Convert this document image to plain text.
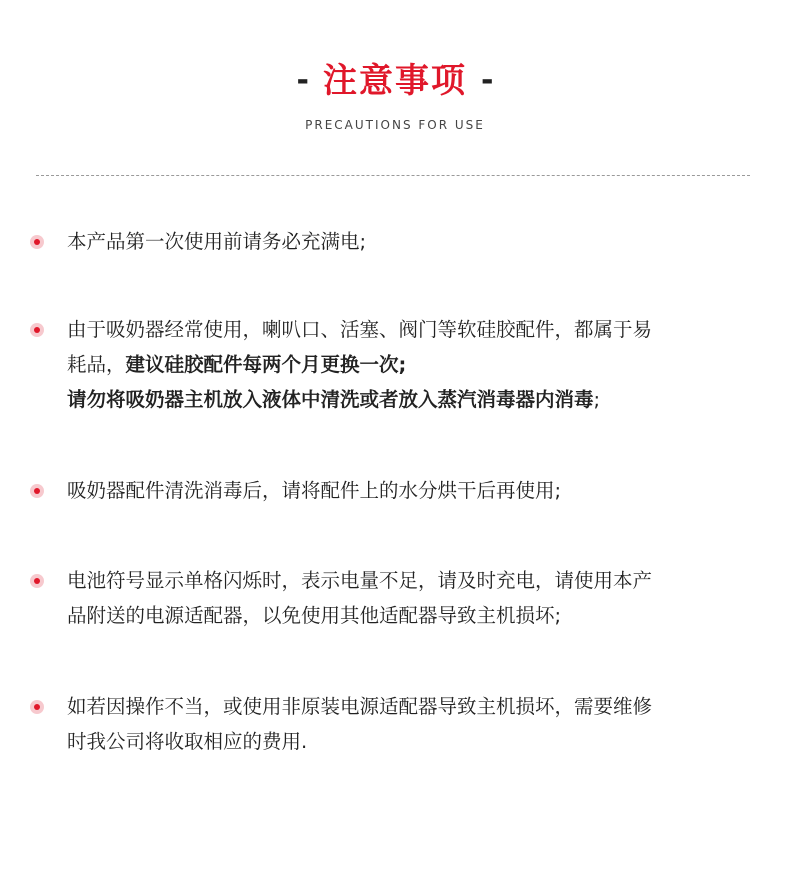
- 注意事项 -
PRECAUTIONS FOR USE
本产品第一次使用前请务必充满电;
由于吸奶器经常使用，喇叭口、活塞、阀门等软硅胶配件，都属于易
耗品，建议硅胶配件每两个月更换一次;
请勿将吸奶器主机放入液体中清洗或者放入蒸汽消毒器内消毒;
吸奶器配件清洗消毒后，请将配件上的水分烘干后再使用;
电池符号显示单格闪烁时，表示电量不足，请及时充电，请使用本产
品附送的电源适配器，以免使用其他适配器导致主机损坏;
如若因操作不当，或使用非原装电源适配器导致主机损坏，需要维修
时我公司将收取相应的费用.
